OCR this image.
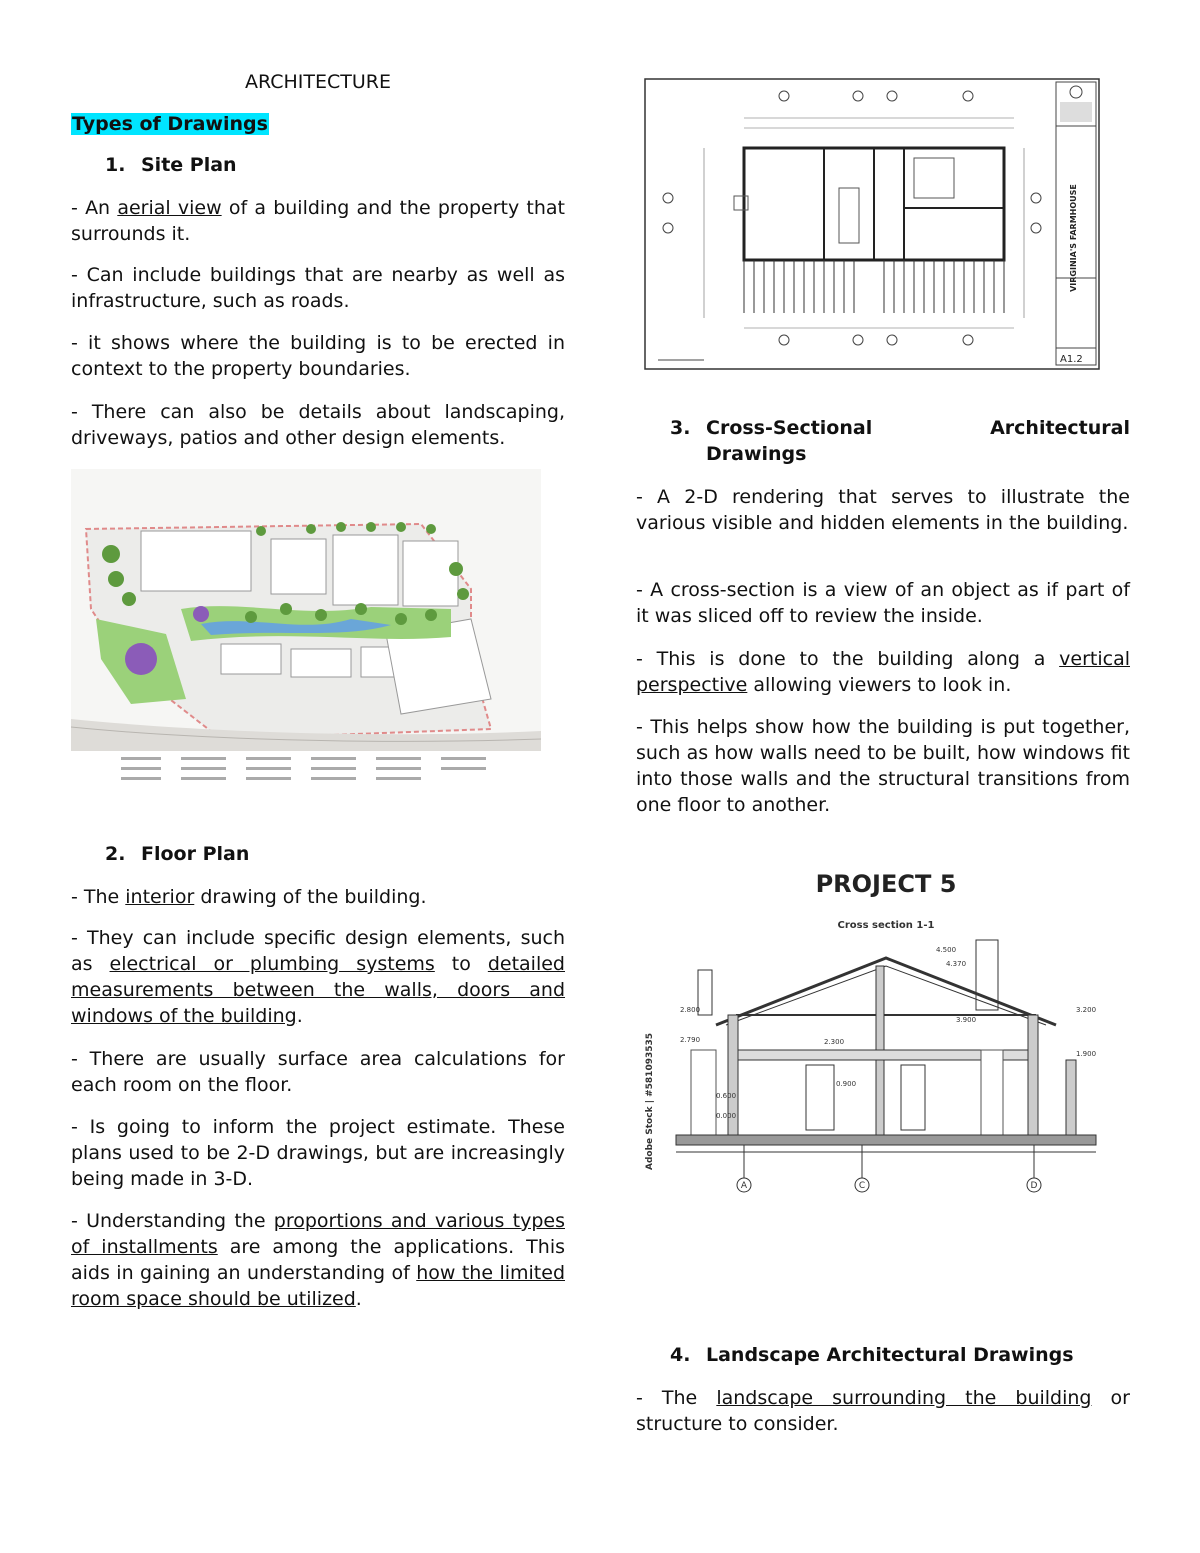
ARCHITECTURE
Types of Drawings
1. Site Plan

- An aerial view of a building and the property that surrounds it.

- Can include buildings that are nearby as well as infrastructure, such as roads.

- it shows where the building is to be erected in context to the property boundaries.

- There can also be details about landscaping, driveways, patios and other design elements.

2. Floor Plan

- The interior drawing of the building.

- They can include specific design elements, such as electrical or plumbing systems to detailed measurements between the walls, doors and windows of the building.

- There are usually surface area calculations for each room on the floor.

- Is going to inform the project estimate. These plans used to be 2-D drawings, but are increasingly being made in 3-D.

- Understanding the proportions and various types of installments are among the applications. This aids in gaining an understanding of how the limited room space should be utilized.

VIRGINIA'S FARMHOUSE
A1.2
Cross-Sectional	Architectural
3.
Drawings

- A 2-D rendering that serves to illustrate the various visible and hidden elements in the building.

- A cross-section is a view of an object as if part of it was sliced off to review the inside.

- This is done to the building along a vertical perspective allowing viewers to look in.

- This helps show how the building is put together, such as how walls need to be built, how windows fit into those walls and the structural transitions from one floor to another.

PROJECT 5
Cross section 1-1
4.500
4.370
3.900
3.200
2.800
2.790	2.300
1.900
0.900
0.600
0.000
A	C	D
Adobe Stock | #581093535
4. Landscape Architectural Drawings

- The landscape surrounding the building or structure to consider.
